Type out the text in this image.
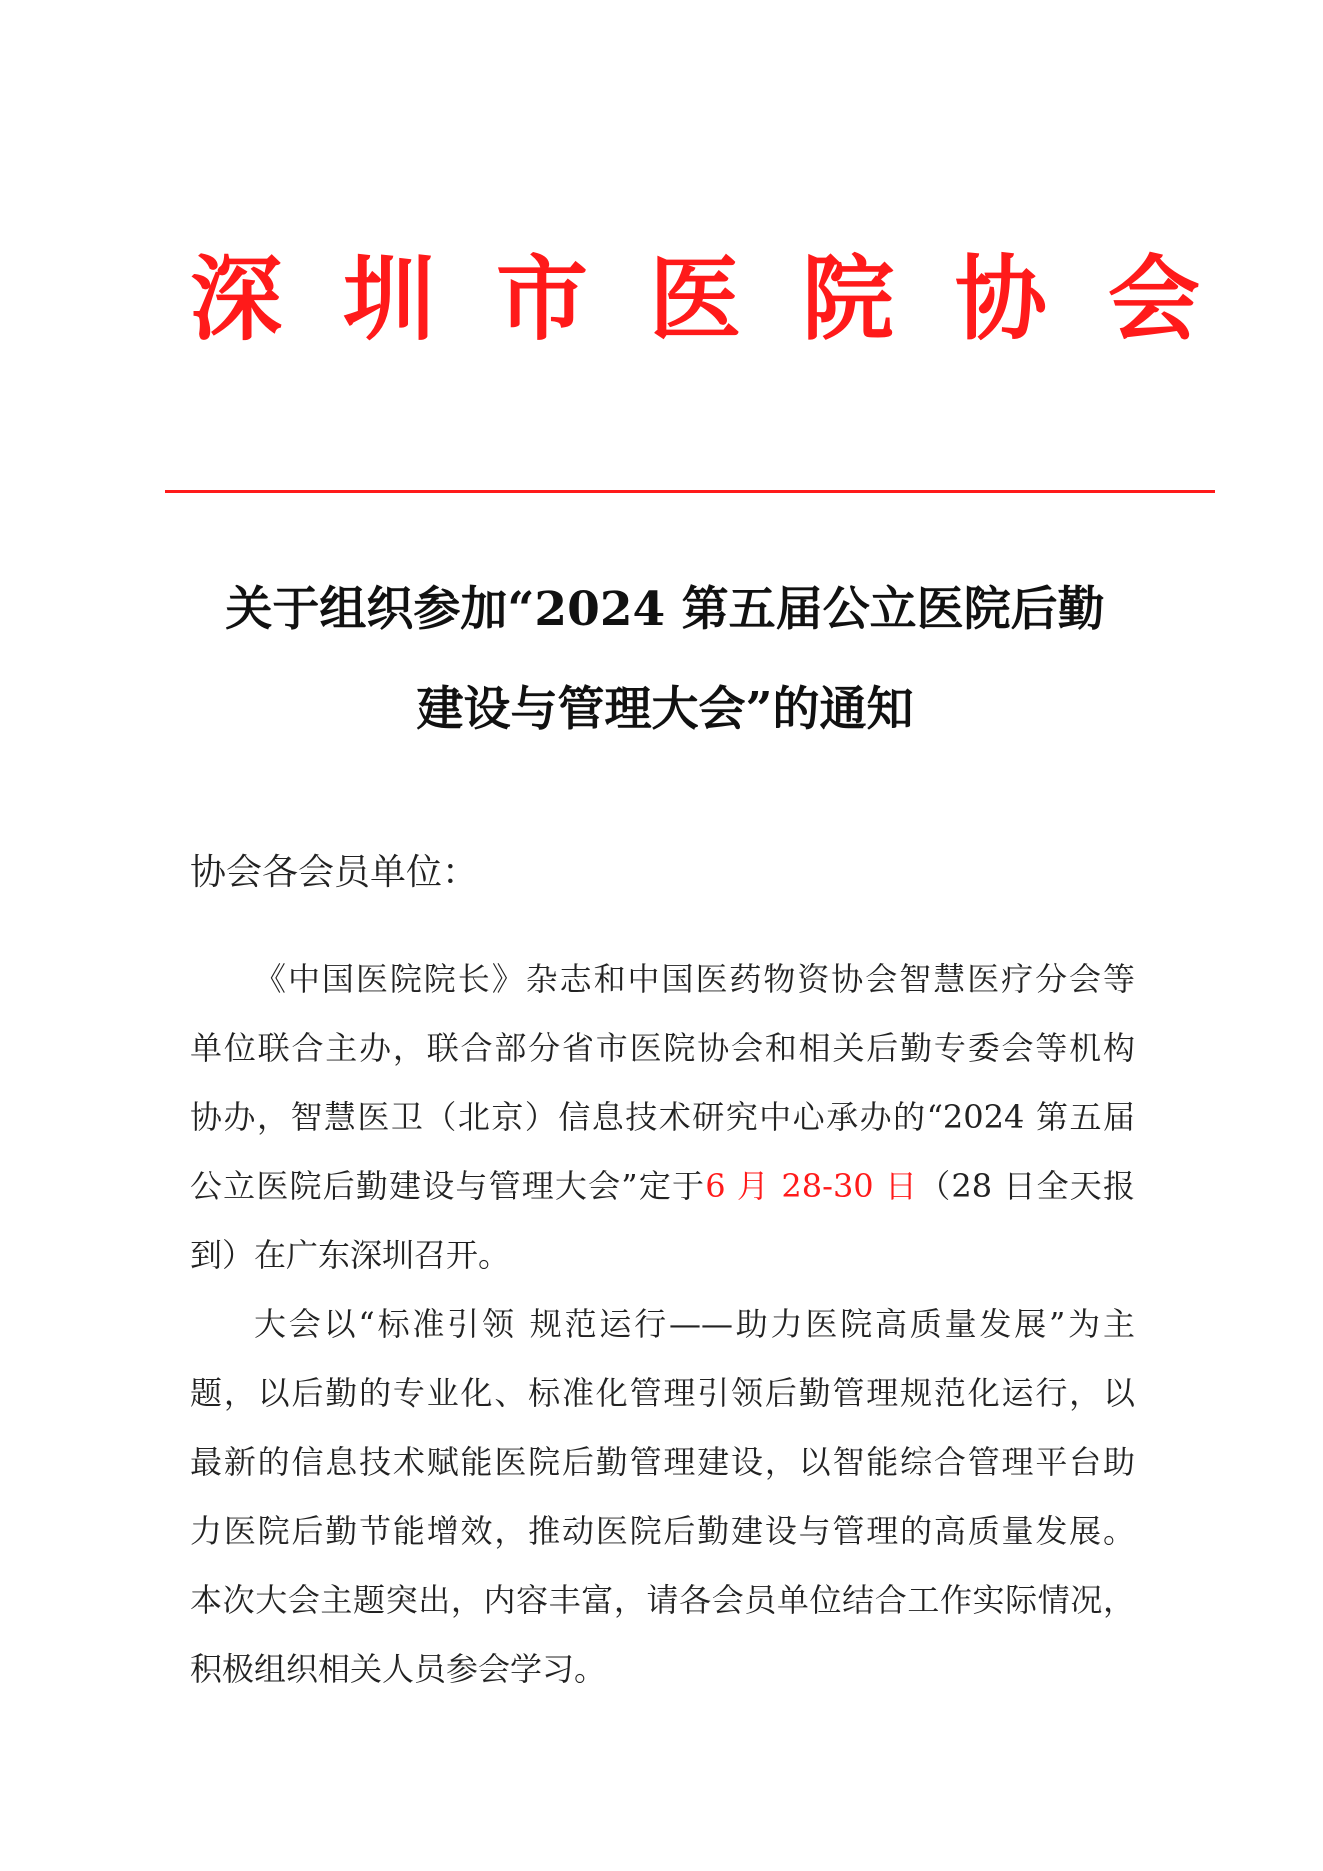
深 圳 市 医 院 协 会
关于组织参加“2024 第五届公立医院后勤
建设与管理大会”的通知
协会各会员单位：
《中国医院院长》杂志和中国医药物资协会智慧医疗分会等
单位联合主办，联合部分省市医院协会和相关后勤专委会等机构
协办，智慧医卫（北京）信息技术研究中心承办的“2024 第五届
公立医院后勤建设与管理大会”定于6 月 28-30 日（28 日全天报
到）在广东深圳召开。
大会以“标准引领 规范运行——助力医院高质量发展”为主
题，以后勤的专业化、标准化管理引领后勤管理规范化运行，以
最新的信息技术赋能医院后勤管理建设，以智能综合管理平台助
力医院后勤节能增效，推动医院后勤建设与管理的高质量发展。
本次大会主题突出，内容丰富，请各会员单位结合工作实际情况，
积极组织相关人员参会学习。
